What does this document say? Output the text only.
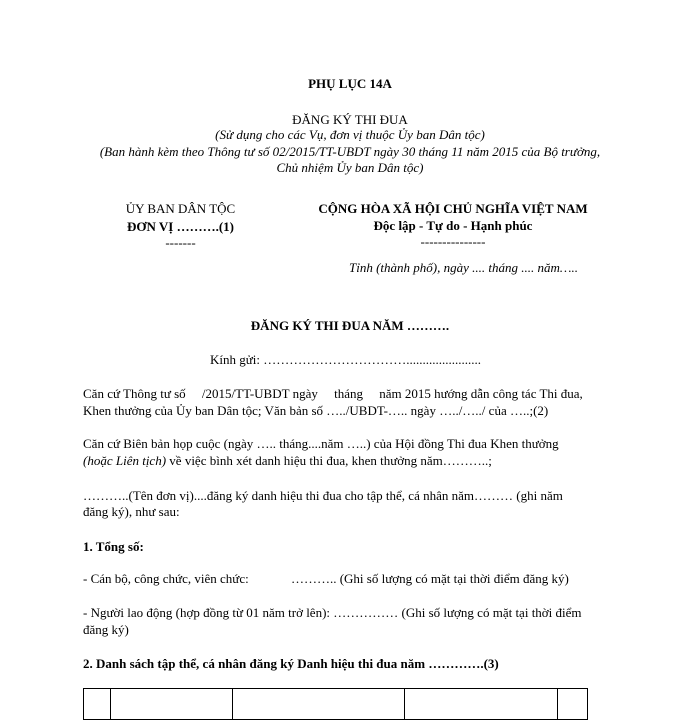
PHỤ LỤC 14A
ĐĂNG KÝ THI ĐUA
(Sử dụng cho các Vụ, đơn vị thuộc Ủy ban Dân tộc)
(Ban hành kèm theo Thông tư số 02/2015/TT-UBDT ngày 30 tháng 11 năm 2015 của Bộ trưởng,
Chủ nhiệm Ủy ban Dân tộc)
ỦY BAN DÂN TỘC
ĐƠN VỊ ……….(1)
-------
CỘNG HÒA XÃ HỘI CHỦ NGHĨA VIỆT NAM
Độc lập - Tự do - Hạnh phúc
---------------
Tỉnh (thành phố), ngày .... tháng .... năm…..
ĐĂNG KÝ THI ĐUA NĂM ……….
Kính gửi: …………………………….......................
Căn cứ Thông tư số     /2015/TT-UBDT ngày     tháng     năm 2015 hướng dẫn công tác Thi đua,
Khen thưởng của Ủy ban Dân tộc; Văn bản số …../UBDT-….. ngày …../…../ của …..;(2)
Căn cứ Biên bản họp cuộc (ngày ….. tháng....năm …..) của Hội đồng Thi đua Khen thưởng
(hoặc Liên tịch) về việc bình xét danh hiệu thi đua, khen thưởng năm………..;
………..(Tên đơn vị)....đăng ký danh hiệu thi đua cho tập thể, cá nhân năm……… (ghi năm
đăng ký), như sau:
1. Tổng số:
- Cán bộ, công chức, viên chức:             ……….. (Ghi số lượng có mặt tại thời điểm đăng ký)
- Người lao động (hợp đồng từ 01 năm trở lên): …………… (Ghi số lượng có mặt tại thời điểm
đăng ký)
2. Danh sách tập thể, cá nhân đăng ký Danh hiệu thi đua năm ………….(3)
